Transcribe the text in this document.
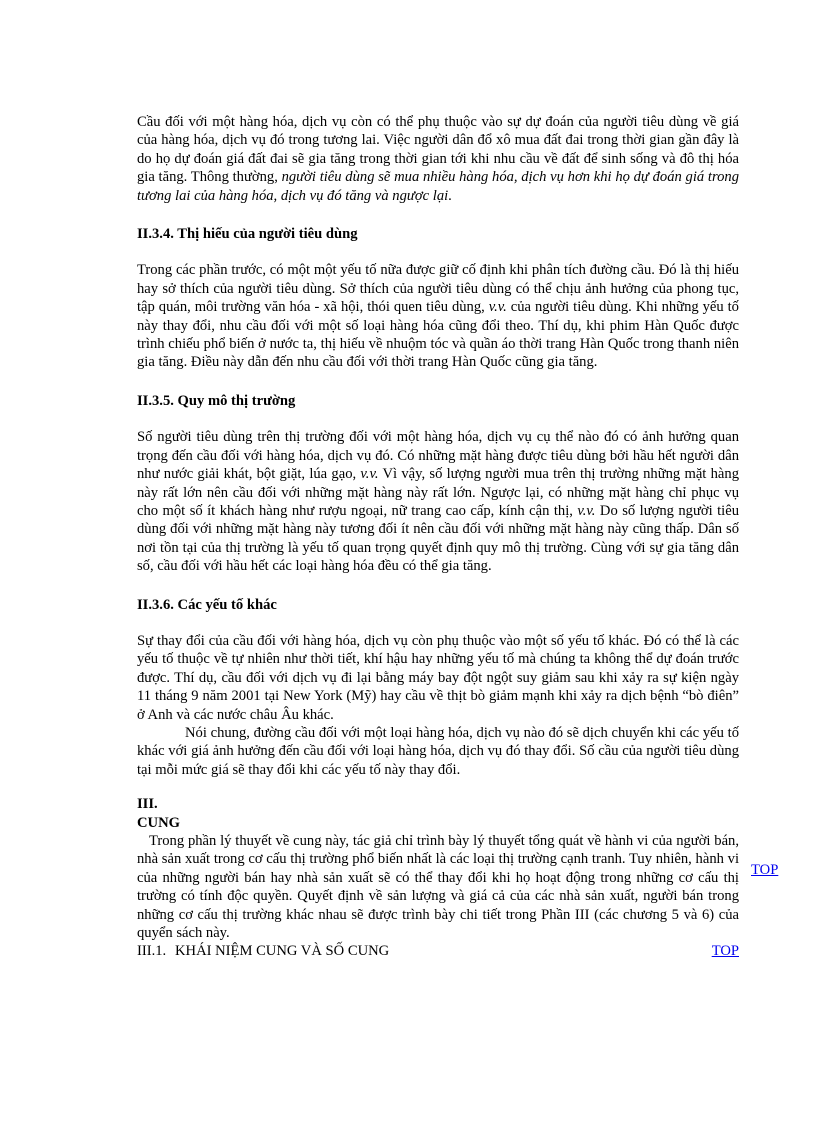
Cầu đối với một hàng hóa, dịch vụ còn có thể phụ thuộc vào sự dự đoán của người tiêu dùng về giá của hàng hóa, dịch vụ đó trong tương lai. Việc người dân đổ xô mua đất đai trong thời gian gần đây là do họ dự đoán giá đất đai sẽ gia tăng trong thời gian tới khi nhu cầu về đất để sinh sống và đô thị hóa gia tăng. Thông thường, người tiêu dùng sẽ mua nhiều hàng hóa, dịch vụ hơn khi họ dự đoán giá trong tương lai của hàng hóa, dịch vụ đó tăng và ngược lại.

II.3.4. Thị hiếu của người tiêu dùng

Trong các phần trước, có một một yếu tố nữa được giữ cố định khi phân tích đường cầu. Đó là thị hiếu hay sở thích của người tiêu dùng. Sở thích của người tiêu dùng có thể chịu ảnh hưởng của phong tục, tập quán, môi trường văn hóa - xã hội, thói quen tiêu dùng, v.v. của người tiêu dùng. Khi những yếu tố này thay đổi, nhu cầu đối với một số loại hàng hóa cũng đổi theo. Thí dụ, khi phim Hàn Quốc được trình chiếu phổ biến ở nước ta, thị hiếu về nhuộm tóc và quần áo thời trang Hàn Quốc trong thanh niên gia tăng. Điều này dẫn đến nhu cầu đối với thời trang Hàn Quốc cũng gia tăng.

II.3.5. Quy mô thị trường

Số người tiêu dùng trên thị trường đối với một hàng hóa, dịch vụ cụ thể nào đó có ảnh hưởng quan trọng đến cầu đối với hàng hóa, dịch vụ đó. Có những mặt hàng được tiêu dùng bởi hầu hết người dân như nước giải khát, bột giặt, lúa gạo, v.v. Vì vậy, số lượng người mua trên thị trường những mặt hàng này rất lớn nên cầu đối với những mặt hàng này rất lớn. Ngược lại, có những mặt hàng chỉ phục vụ cho một số ít khách hàng như rượu ngoại, nữ trang cao cấp, kính cận thị, v.v. Do số lượng người tiêu dùng đối với những mặt hàng này tương đối ít nên cầu đối với những mặt hàng này cũng thấp. Dân số nơi tồn tại của thị trường là yếu tố quan trọng quyết định quy mô thị trường. Cùng với sự gia tăng dân số, cầu đối với hầu hết các loại hàng hóa đều có thể gia tăng.

II.3.6. Các yếu tố khác

Sự thay đổi của cầu đối với hàng hóa, dịch vụ còn phụ thuộc vào một số yếu tố khác. Đó có thể là các yếu tố thuộc về tự nhiên như thời tiết, khí hậu hay những yếu tố mà chúng ta không thể dự đoán trước được. Thí dụ, cầu đối với dịch vụ đi lại bằng máy bay đột ngột suy giảm sau khi xảy ra sự kiện ngày 11 tháng 9 năm 2001 tại New York (Mỹ) hay cầu về thịt bò giảm mạnh khi xảy ra dịch bệnh “bò điên” ở Anh và các nước châu Âu khác.

Nói chung, đường cầu đối với một loại hàng hóa, dịch vụ nào đó sẽ dịch chuyển khi các yếu tố khác với giá ảnh hưởng đến cầu đối với loại hàng hóa, dịch vụ đó thay đổi. Số cầu của người tiêu dùng tại mỗi mức giá sẽ thay đổi khi các yếu tố này thay đổi.

III.
CUNG

Trong phần lý thuyết về cung này, tác giả chỉ trình bày lý thuyết tổng quát về hành vi của người bán, nhà sản xuất trong cơ cấu thị trường phổ biến nhất là các loại thị trường cạnh tranh. Tuy nhiên, hành vi của những người bán hay nhà sản xuất sẽ có thể thay đổi khi họ hoạt động trong những cơ cấu thị trường có tính độc quyền. Quyết định về sản lượng và giá cả của các nhà sản xuất, người bán trong những cơ cấu thị trường khác nhau sẽ được trình bày chi tiết trong Phần III (các chương 5 và 6) của quyển sách này.

III.1. KHÁI NIỆM CUNG VÀ SỐ CUNG	TOP
TOP
